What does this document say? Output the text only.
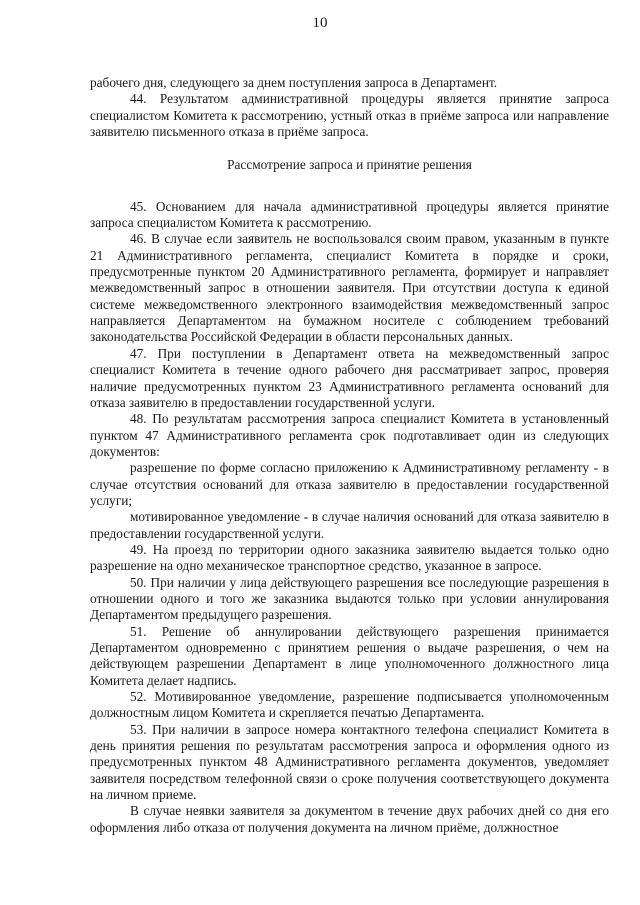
10

рабочего дня, следующего за днем поступления запроса в Департамент.

44. Результатом административной процедуры является принятие запроса специалистом Комитета к рассмотрению, устный отказ в приёме запроса или направление заявителю письменного отказа в приёме запроса.

Рассмотрение запроса и принятие решения

45. Основанием для начала административной процедуры является принятие запроса специалистом Комитета к рассмотрению.

46. В случае если заявитель не воспользовался своим правом, указанным в пункте 21 Административного регламента, специалист Комитета в порядке и сроки, предусмотренные пунктом 20 Административного регламента, формирует и направляет межведомственный запрос в отношении заявителя. При отсутствии доступа к единой системе межведомственного электронного взаимодействия межведомственный запрос направляется Департаментом на бумажном носителе с соблюдением требований законодательства Российской Федерации в области персональных данных.

47. При поступлении в Департамент ответа на межведомственный запрос специалист Комитета в течение одного рабочего дня рассматривает запрос, проверяя наличие предусмотренных пунктом 23 Административного регламента оснований для отказа заявителю в предоставлении государственной услуги.

48. По результатам рассмотрения запроса специалист Комитета в установленный пунктом 47 Административного регламента срок подготавливает один из следующих документов:

разрешение по форме согласно приложению к Административному регламенту - в случае отсутствия оснований для отказа заявителю в предоставлении государственной услуги;

мотивированное уведомление - в случае наличия оснований для отказа заявителю в предоставлении государственной услуги.

49. На проезд по территории одного заказника заявителю выдается только одно разрешение на одно механическое транспортное средство, указанное в запросе.

50. При наличии у лица действующего разрешения все последующие разрешения в отношении одного и того же заказника выдаются только при условии аннулирования Департаментом предыдущего разрешения.

51. Решение об аннулировании действующего разрешения принимается Департаментом одновременно с принятием решения о выдаче разрешения, о чем на действующем разрешении Департамент в лице уполномоченного должностного лица Комитета делает надпись.

52. Мотивированное уведомление, разрешение подписывается уполномоченным должностным лицом Комитета и скрепляется печатью Департамента.

53. При наличии в запросе номера контактного телефона специалист Комитета в день принятия решения по результатам рассмотрения запроса и оформления одного из предусмотренных пунктом 48 Административного регламента документов, уведомляет заявителя посредством телефонной связи о сроке получения соответствующего документа на личном приеме.

В случае неявки заявителя за документом в течение двух рабочих дней со дня его оформления либо отказа от получения документа на личном приёме, должностное
